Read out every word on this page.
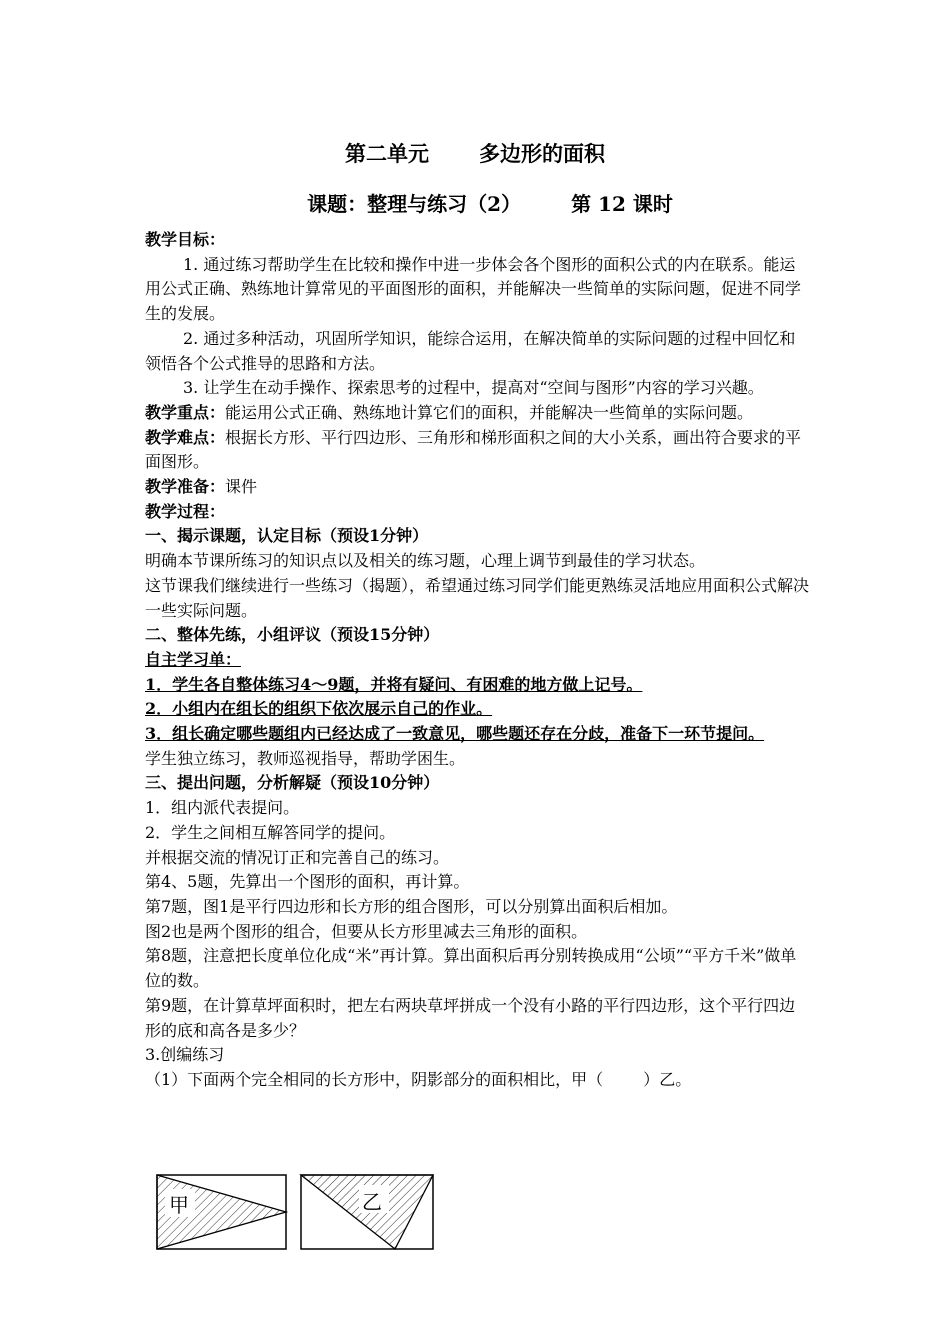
第二单元 多边形的面积
课题：整理与练习（2）	第 12 课时

教学目标：

1. 通过练习帮助学生在比较和操作中进一步体会各个图形的面积公式的内在联系。能运用公式正确、熟练地计算常见的平面图形的面积，并能解决一些简单的实际问题，促进不同学生的发展。

2. 通过多种活动，巩固所学知识，能综合运用，在解决简单的实际问题的过程中回忆和领悟各个公式推导的思路和方法。

3. 让学生在动手操作、探索思考的过程中，提高对“空间与图形”内容的学习兴趣。

教学重点：能运用公式正确、熟练地计算它们的面积，并能解决一些简单的实际问题。

教学难点：根据长方形、平行四边形、三角形和梯形面积之间的大小关系，画出符合要求的平面图形。

教学准备：课件

教学过程：

一、揭示课题，认定目标（预设1分钟）

明确本节课所练习的知识点以及相关的练习题，心理上调节到最佳的学习状态。

这节课我们继续进行一些练习（揭题），希望通过练习同学们能更熟练灵活地应用面积公式解决一些实际问题。

二、整体先练，小组评议（预设15分钟）

自主学习单：

1．学生各自整体练习4～9题，并将有疑问、有困难的地方做上记号。

2．小组内在组长的组织下依次展示自己的作业。

3．组长确定哪些题组内已经达成了一致意见，哪些题还存在分歧，准备下一环节提问。

学生独立练习，教师巡视指导，帮助学困生。

三、提出问题，分析解疑（预设10分钟）

1．组内派代表提问。

2．学生之间相互解答同学的提问。

并根据交流的情况订正和完善自己的练习。

第4、5题，先算出一个图形的面积，再计算。

第7题，图1是平行四边形和长方形的组合图形，可以分别算出面积后相加。

图2也是两个图形的组合，但要从长方形里减去三角形的面积。

第8题，注意把长度单位化成“米”再计算。算出面积后再分别转换成用“公顷”“平方千米”做单位的数。

第9题，在计算草坪面积时，把左右两块草坪拼成一个没有小路的平行四边形，这个平行四边形的底和高各是多少？

3.创编练习

（1）下面两个完全相同的长方形中，阴影部分的面积相比，甲（	）乙。

甲	乙
